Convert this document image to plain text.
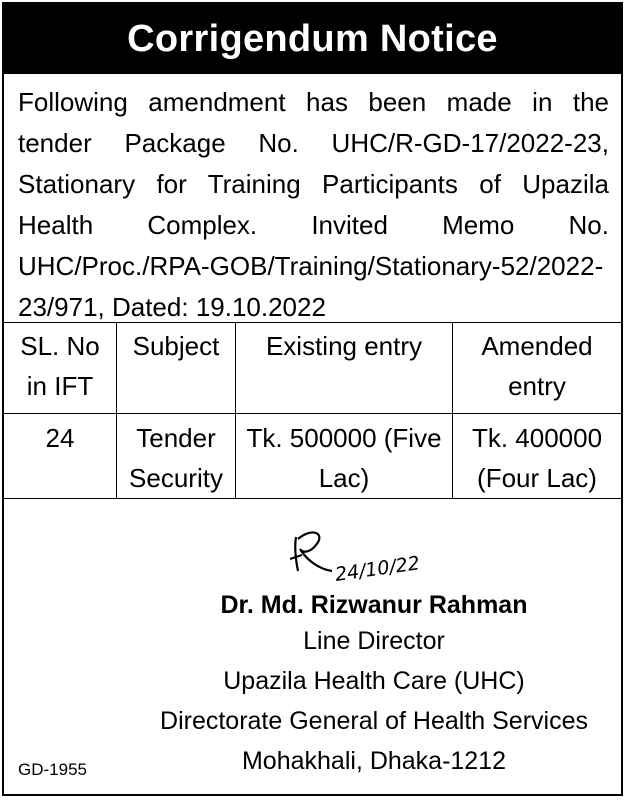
Corrigendum Notice
Following amendment has been made in the tender Package No. UHC/R-GD-17/2022-23, Stationary for Training Participants of Upazila Health Complex. Invited Memo No. UHC/Proc./RPA-GOB/Training/Stationary-52/2022-23/971, Dated: 19.10.2022
SL. No in IFT	Subject	Existing entry	Amended entry
24	Tender Security	Tk. 500000 (Five Lac)	Tk. 400000 (Four Lac)
24/10/22
Dr. Md. Rizwanur Rahman
Line Director
Upazila Health Care (UHC)
Directorate General of Health Services
Mohakhali, Dhaka-1212
GD-1955
